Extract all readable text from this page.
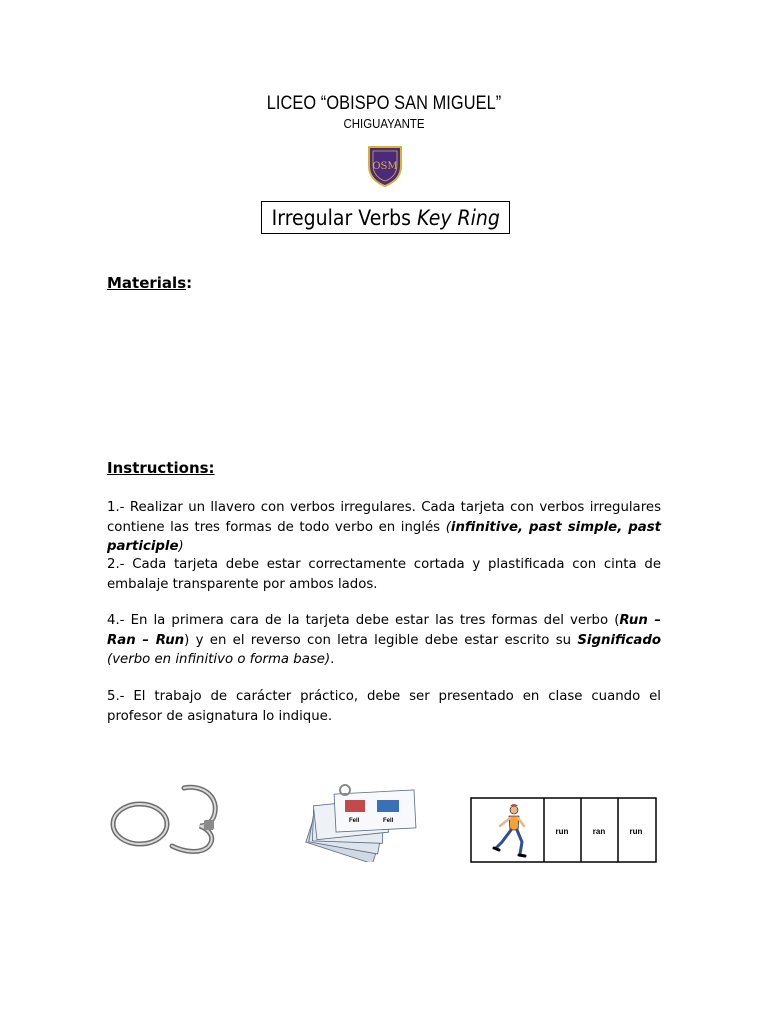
LICEO “OBISPO SAN MIGUEL”
CHIGUAYANTE
OSM
Irregular Verbs Key Ring
Materials:
Instructions:
1.- Realizar un llavero con verbos irregulares. Cada tarjeta con verbos irregulares contiene las tres formas de todo verbo en inglés (infinitive, past simple, past participle)
2.- Cada tarjeta debe estar correctamente cortada y plastificada con cinta de embalaje transparente por ambos lados.
4.- En la primera cara de la tarjeta debe estar las tres formas del verbo (Run – Ran – Run) y en el reverso con letra legible debe estar escrito su Significado (verbo en infinitivo o forma base).
5.- El trabajo de carácter práctico, debe ser presentado en clase cuando el profesor de asignatura lo indique.
Fell	Fell
run	ran	run
